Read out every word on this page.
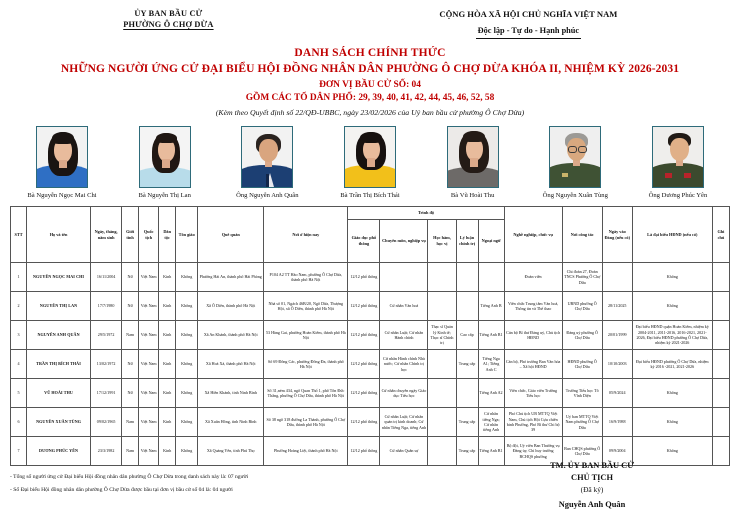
ỦY BAN BẦU CỬ
PHƯỜNG Ô CHỢ DỪA
CỘNG HÒA XÃ HỘI CHỦ NGHĨA VIỆT NAM
Độc lập - Tự do - Hạnh phúc
DANH SÁCH CHÍNH THỨC
NHỮNG NGƯỜI ỨNG CỬ ĐẠI BIỂU HỘI ĐỒNG NHÂN DÂN PHƯỜNG Ô CHỢ DỪA KHÓA II, NHIỆM KỲ 2026-2031
ĐƠN VỊ BẦU CỬ SỐ: 04
GỒM CÁC TỔ DÂN PHỐ: 29, 39, 40, 41, 42, 44, 45, 46, 52, 58
(Kèm theo Quyết định số 22/QĐ-UBBC, ngày 23/02/2026 của Uỷ ban bầu cử phường Ô Chợ Dừa)
Bà Nguyễn Ngọc Mai Chi	Bà Nguyễn Thị Lan	Ông Nguyễn Anh Quân	Bà Trần Thị Bích Thái	Bà Vũ Hoài Thu	Ông Nguyễn Xuân Tùng	Ông Dương Phúc Yên
STT	Họ và tên	Ngày, tháng, năm sinh	Giới tính	Quốc tịch	Dân tộc	Tôn giáo	Quê quán	Nơi ở hiện nay	Trình độ					Nghề nghiệp, chức vụ	Nơi công tác	Ngày vào Đảng (nếu có)	Là đại biểu HĐND (nếu có)	Ghi chú
									Giáo dục phổ thông	Chuyên môn, nghiệp vụ	Học hàm, học vị	Lý luận chính trị	Ngoại ngữ					
1	NGUYỄN NGỌC MAI CHI	16/11/2004	Nữ	Việt Nam	Kinh	Không	Phường Hải An, thành phố Hải Phòng	P104 A2 TT Hào Nam, phường Ô Chợ Dừa, thành phố Hà Nội	12/12 phổ thông					Đoàn viên	Chi đoàn 27, Đoàn TNCS Phường Ô Chợ Dừa		Không	
2	NGUYỄN THỊ LAN	17/7/1980	Nữ	Việt Nam	Kinh	Không	Xã Ô Diên, thành phố Hà Nội	Nhà số 01, Ngách 46B/20, Ngõ Dừa, Thượng Hội, xã Ô Diên, thành phố Hà Nội	12/12 phổ thông	Cử nhân Văn hoá			Tiếng Anh B	Viên chức Trung tâm Văn hoá, Thông tin và Thể thao	UBND phường Ô Chợ Dừa	28/11/2025	Không	
3	NGUYỄN ANH QUÂN	29/5/1972	Nam	Việt Nam	Kinh	Không	Xã An Khánh, thành phố Hà Nội	53 Hàng Gai, phường Hoàn Kiếm, thành phố Hà Nội	12/12 phổ thông	Cử nhân Luật; Cử nhân Hành chính	Thạc sĩ Quản lý Kinh tế; Thạc sĩ Chính trị	Cao cấp	Tiếng Anh B1	Cán bộ Bí thư Đảng uỷ, Chủ tịch HĐND	Đảng uỷ phường Ô Chợ Dừa	20/01/1999	Đại biểu HĐND quận Hoàn Kiếm, nhiệm kỳ 2004-2011, 2011-2016, 2016-2021, 2021-2026, Đại biểu HĐND phường Ô Chợ Dừa, nhiệm kỳ 2021-2026	
4	TRẦN THỊ BÍCH THÁI	13/02/1972	Nữ	Việt Nam	Kinh	Không	Xã Hoà Xá, thành phố Hà Nội	Số 69 Đông Các, phường Đống Đa, thành phố Hà Nội	12/12 phổ thông	Cử nhân Hành chính Nhà nước; Cử nhân Chính trị học		Trung cấp	Tiếng Nga A1; Tiếng Anh C	Cán bộ, Phó trưởng Ban Văn hóa – Xã hội HĐND	HĐND phường Ô Chợ Dừa	10/10/2003	Đại biểu HĐND phường Ô Chợ Dừa, nhiệm kỳ 2016 -2021, 2021-2026	
5	VŨ HOÀI THU	17/12/1991	Nữ	Việt Nam	Kinh	Không	Xã Hiền Khánh, tỉnh Ninh Bình	Số 31,ném 434, ngõ Quan Thổ 1, phố Tôn Đức Thắng, phường Ô Chợ Dừa, thành phố Hà Nội	12/12 phổ thông	Cử nhân chuyên ngày Giáo dục Tiểu học			Tiếng Anh A2	Viên chức, Giáo viên Trường Tiểu học	Trường Tiểu học Tô Vĩnh Diện	05/9/2024	Không	
6	NGUYỄN XUÂN TÙNG	09/02/1965	Nam	Việt Nam	Kinh	Không	Xã Xuân Hồng, tỉnh Ninh Bình	Số 38 ngõ 318 đường La Thành, phường Ô Chợ Dừa, thành phố Hà Nội	12/12 phổ thông	Cử nhân Luật; Cử nhân quản trị kinh doanh; Cử nhân Tiếng Nga, tiếng Anh		Trung cấp	Cử nhân tiếng Nga; Cử nhân tiếng Anh	Phó Chủ tịch UB MTTQ Việt Nam, Chủ tịch Hội Cựu chiến binh Phường, Phó Bí thư Chi bộ 39	Uỷ ban MTTQ Việt Nam phường Ô Chợ Dừa	16/9/1988	Không	
7	DƯƠNG PHÚC YÊN	23/3/1982	Nam	Việt Nam	Kinh	Không	Xã Quảng Yên, tỉnh Phú Thọ	Phường Hoàng Liệt, thành phố Hà Nội	12/12 phổ thông	Cử nhân Quân sự		Trung cấp	Tiếng Anh B1	Bộ đội, Uỷ viên Ban Thường vụ Đảng ủy, Chỉ huy trưởng BCHQS phường	Ban CHQS phường Ô Chợ Dừa	09/9/2004	Không	
- Tổng số người ứng cử Đại biểu Hội đồng nhân dân phường Ô Chợ Dừa trong danh sách này là: 07 người
- Số Đại biểu Hội đồng nhân dân phường Ô Chợ Dừa được bầu tại đơn vị bầu cử số 04 là: 04 người
TM. ỦY BAN BẦU CỬ
CHỦ TỊCH
(Đã ký)
Nguyễn Anh Quân
